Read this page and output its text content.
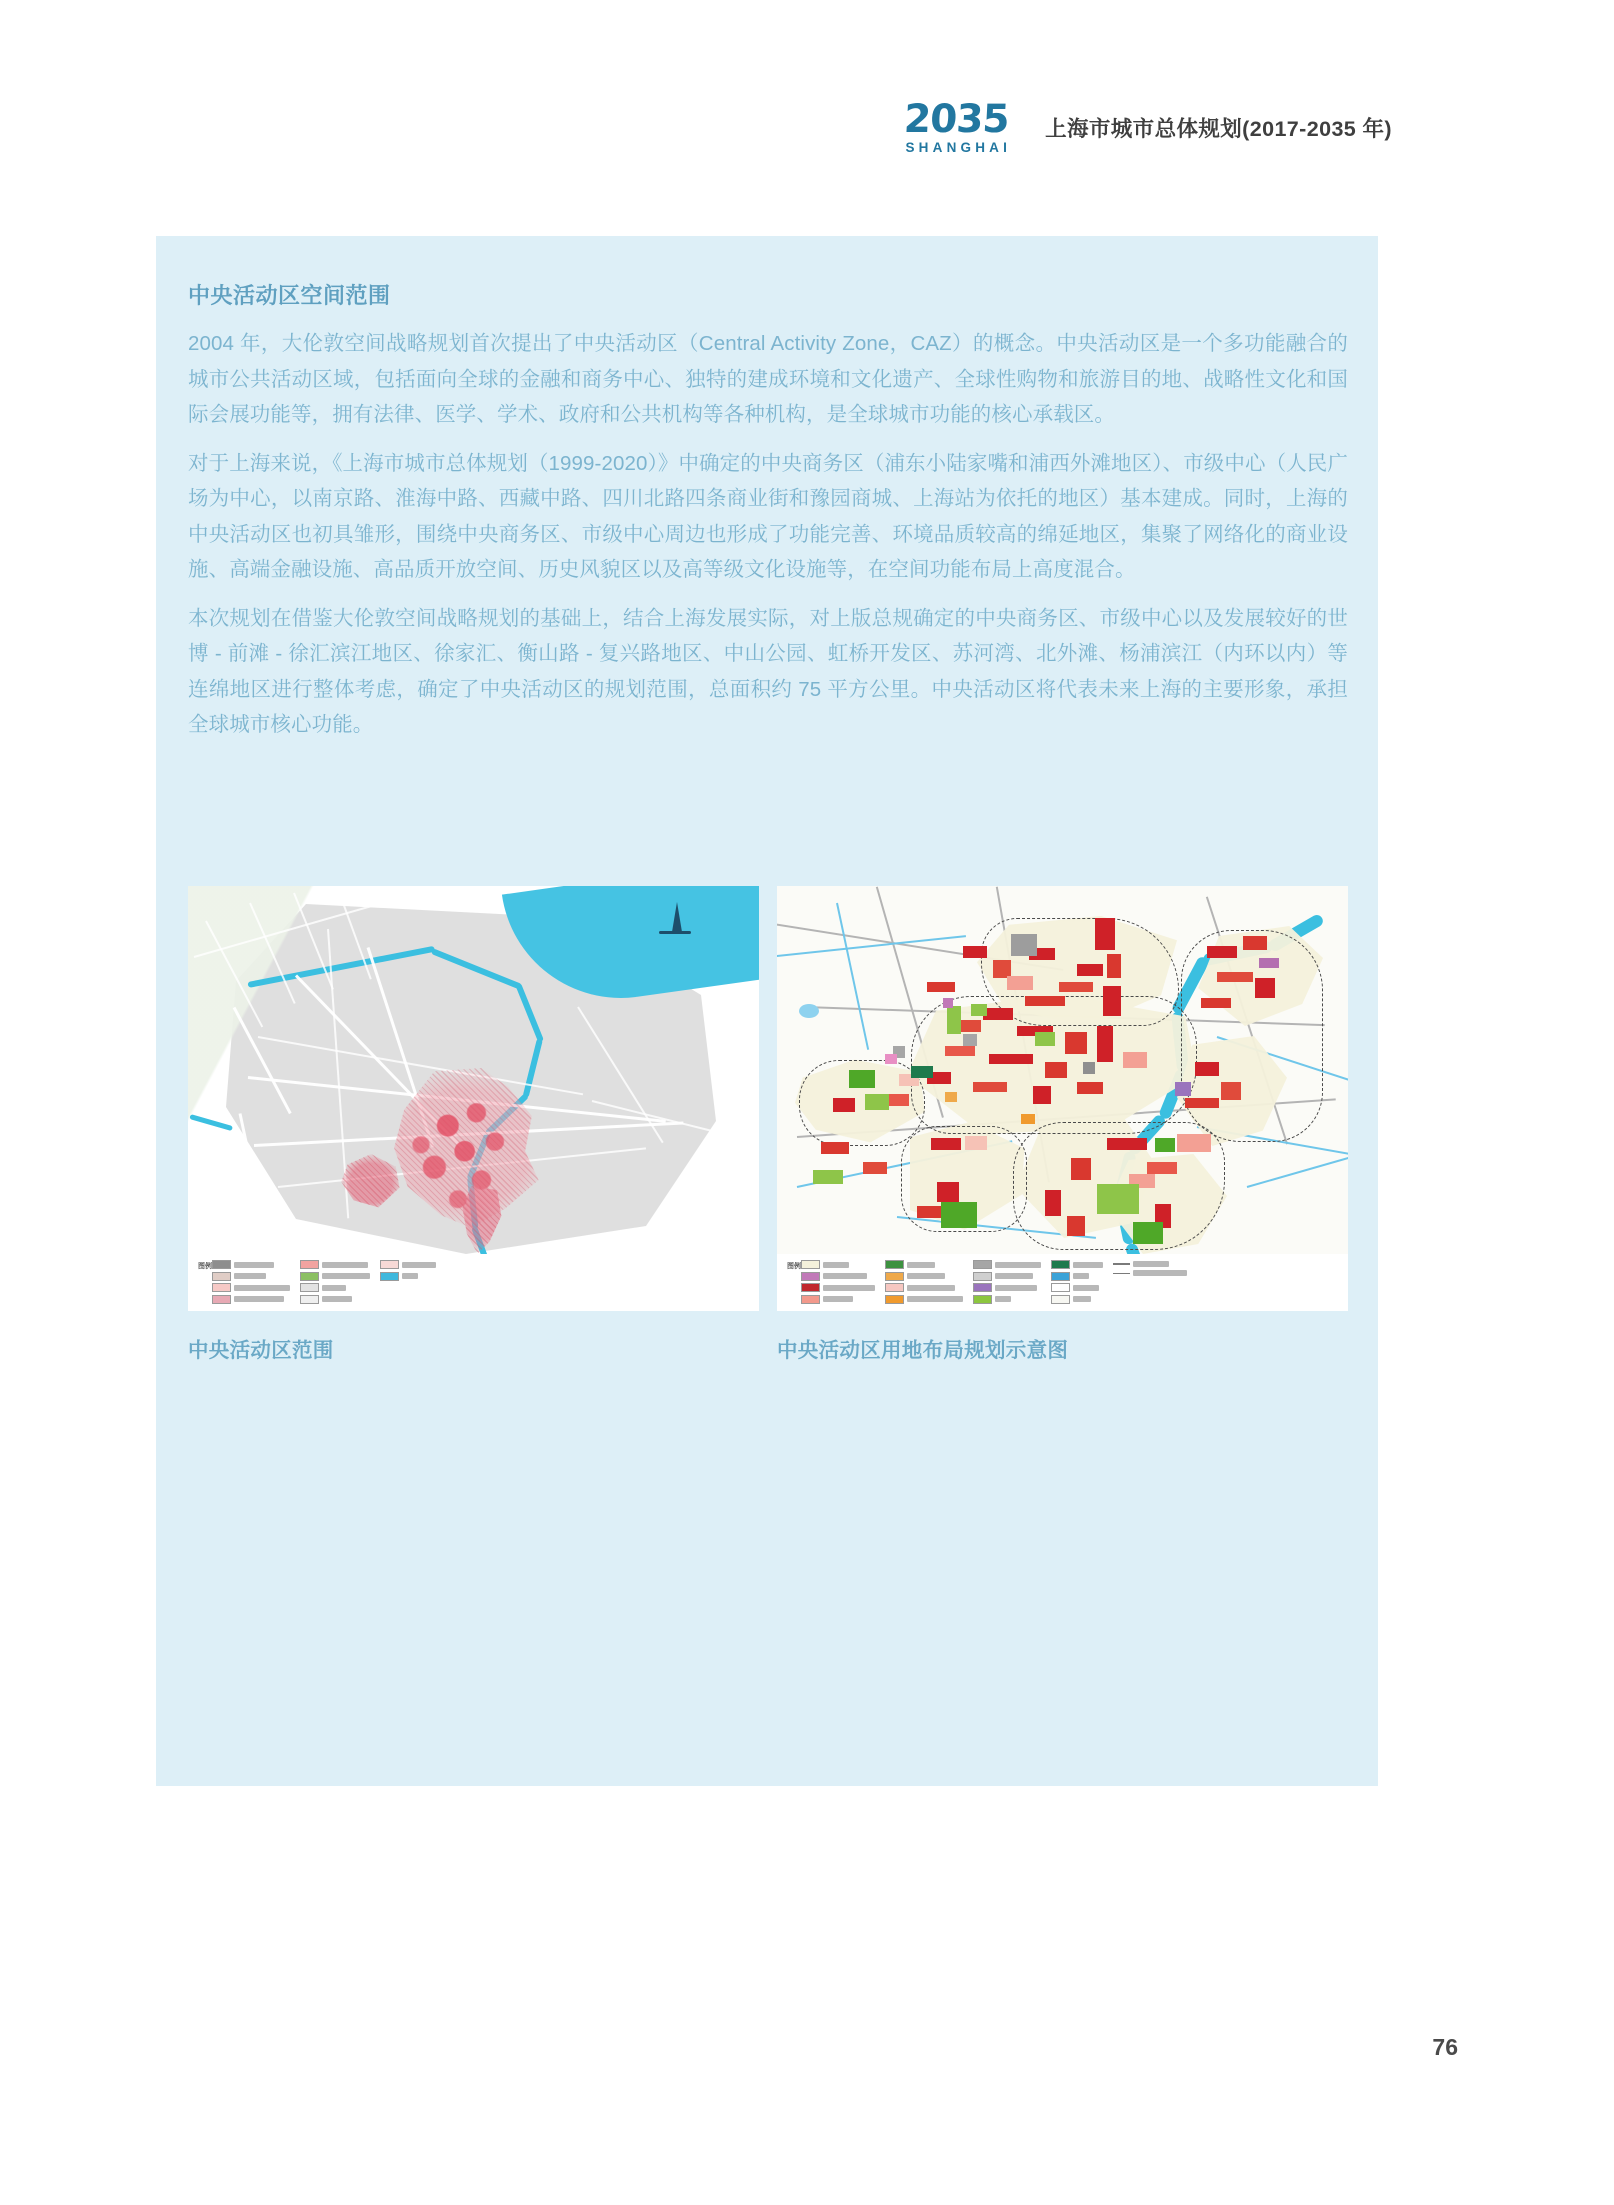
2035
SHANGHAI
上海市城市总体规划(2017-2035 年)
中央活动区空间范围

2004 年，大伦敦空间战略规划首次提出了中央活动区（Central Activity Zone，CAZ）的概念。中央活动区是一个多功能融合的城市公共活动区域，包括面向全球的金融和商务中心、独特的建成环境和文化遗产、全球性购物和旅游目的地、战略性文化和国际会展功能等，拥有法律、医学、学术、政府和公共机构等各种机构，是全球城市功能的核心承载区。

对于上海来说，《上海市城市总体规划（1999-2020）》中确定的中央商务区（浦东小陆家嘴和浦西外滩地区）、市级中心（人民广场为中心，以南京路、淮海中路、西藏中路、四川北路四条商业街和豫园商城、上海站为依托的地区）基本建成。同时，上海的中央活动区也初具雏形，围绕中央商务区、市级中心周边也形成了功能完善、环境品质较高的绵延地区，集聚了网络化的商业设施、高端金融设施、高品质开放空间、历史风貌区以及高等级文化设施等，在空间功能布局上高度混合。

本次规划在借鉴大伦敦空间战略规划的基础上，结合上海发展实际，对上版总规确定的中央商务区、市级中心以及发展较好的世博 - 前滩 - 徐汇滨江地区、徐家汇、衡山路 - 复兴路地区、中山公园、虹桥开发区、苏河湾、北外滩、杨浦滨江（内环以内）等连绵地区进行整体考虑，确定了中央活动区的规划范围，总面积约 75 平方公里。中央活动区将代表未来上海的主要形象，承担全球城市核心功能。

图例
中央活动区范围
图例
中央活动区用地布局规划示意图
76
